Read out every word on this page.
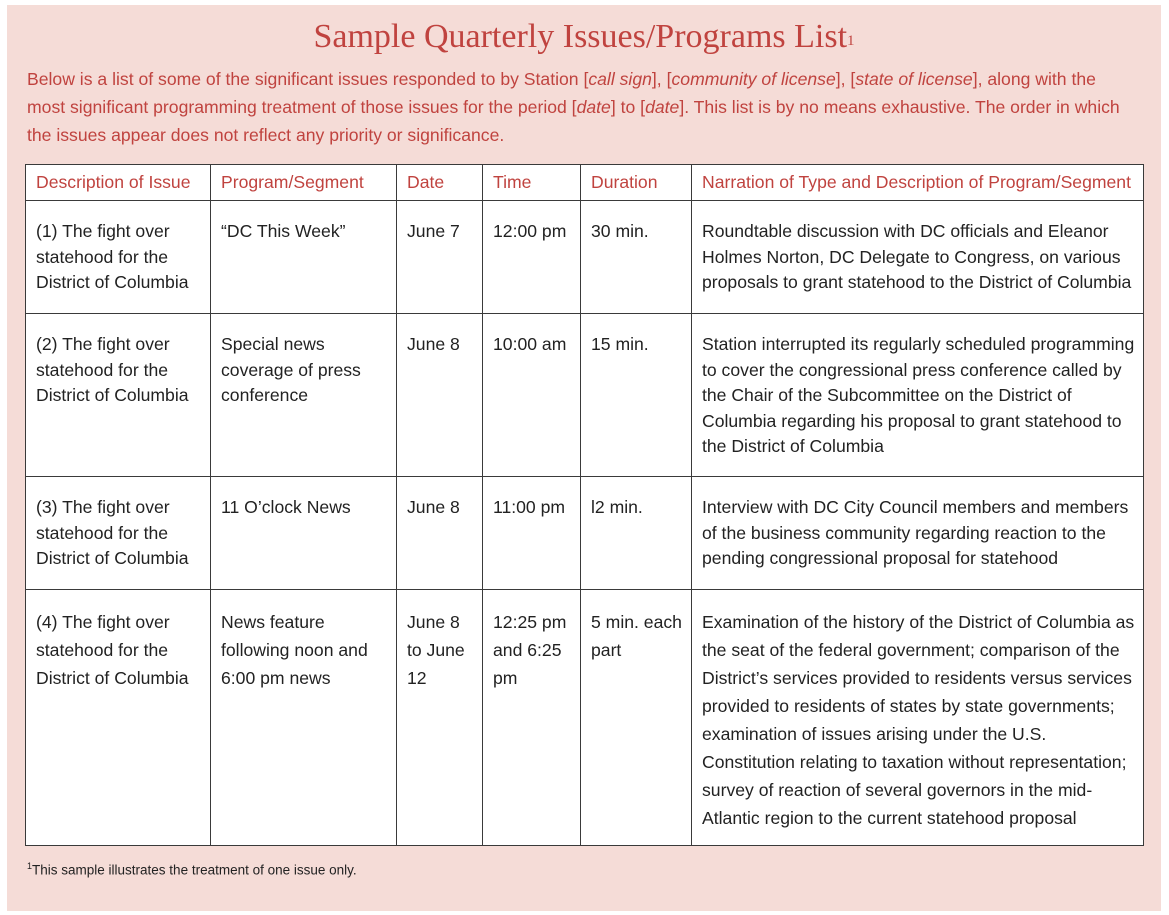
Sample Quarterly Issues/Programs List$^1$

Below is a list of some of the significant issues responded to by Station [call sign], [community of license], [state of license], along with the most significant programming treatment of those issues for the period [date] to [date]. This list is by no means exhaustive. The order in which the issues appear does not reflect any priority or significance.

Description of Issue	Program/Segment	Date	Time	Duration	Narration of Type and Description of Program/Segment
(1) The fight over statehood for the District of Columbia	“DC This Week”	June 7	12:00 pm	30 min.	Roundtable discussion with DC officials and Eleanor Holmes Norton, DC Delegate to Congress, on various proposals to grant statehood to the District of Columbia
(2) The fight over statehood for the District of Columbia	Special news coverage of press conference	June 8	10:00 am	15 min.	Station interrupted its regularly scheduled programming to cover the congressional press conference called by the Chair of the Subcommittee on the District of Columbia regarding his proposal to grant statehood to the District of Columbia
(3) The fight over statehood for the District of Columbia	11 O’clock News	June 8	11:00 pm	l2 min.	Interview with DC City Council members and members of the business community regarding reaction to the pending congressional proposal for statehood
(4) The fight over statehood for the District of Columbia	News feature following noon and 6:00 pm news	June 8 to June 12	12:25 pm and 6:25 pm	5 min. each part	Examination of the history of the District of Columbia as the seat of the federal government; comparison of the District’s services provided to residents versus services provided to residents of states by state governments; examination of issues arising under the U.S. Constitution relating to taxation without representation; survey of reaction of several governors in the mid-Atlantic region to the current statehood proposal

$^1$This sample illustrates the treatment of one issue only.
